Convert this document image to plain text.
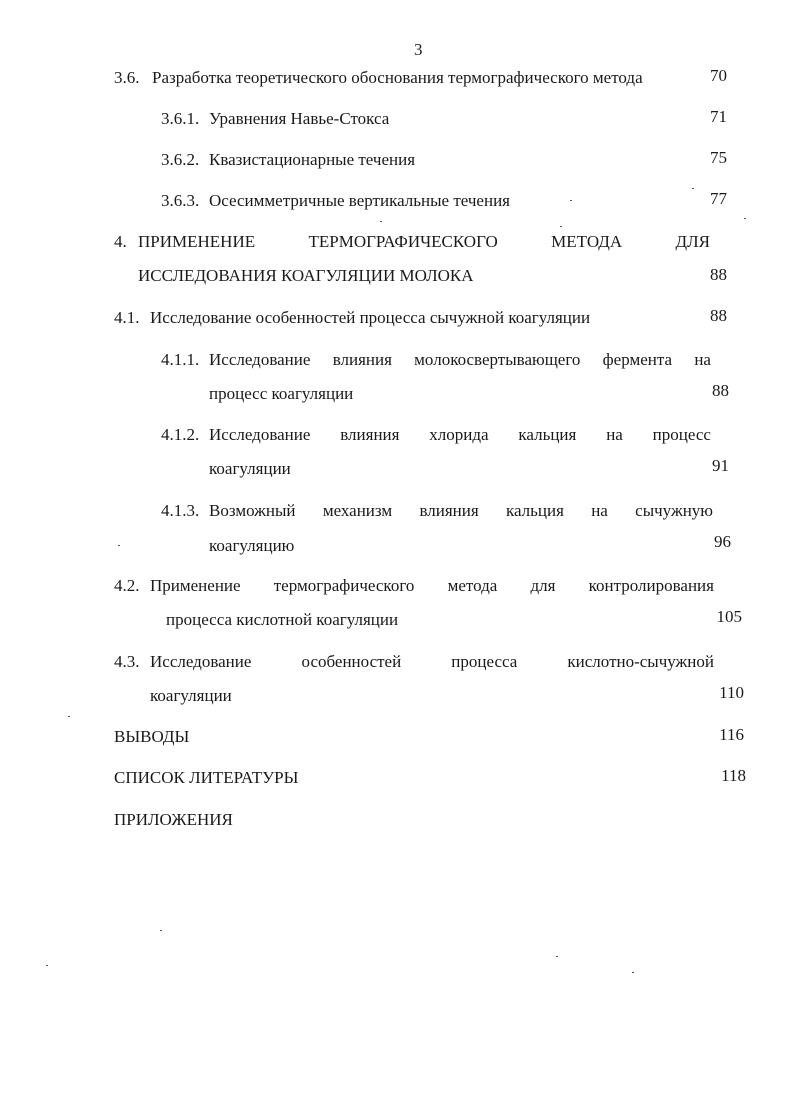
3
3.6. Разработка теоретического обоснования термографического метода	70
3.6.1. Уравнения Навье-Стокса	71
3.6.2. Квазистационарные течения	75
3.6.3. Осесимметричные вертикальные течения	77
4. ПРИМЕНЕНИЕ	ТЕРМОГРАФИЧЕСКОГО	МЕТОДА	ДЛЯ
ИССЛЕДОВАНИЯ КОАГУЛЯЦИИ МОЛОКА	88
4.1. Исследование особенностей процесса сычужной коагуляции	88
4.1.1. Исследование влияния молокосвертывающего фермента на
процесс коагуляции	88
4.1.2. Исследование влияния хлорида кальция на процесс
коагуляции	91
4.1.3. Возможный механизм влияния кальция на сычужную
коагуляцию	96
4.2. Применение термографического метода для контролирования
процесса кислотной коагуляции	105
4.3. Исследование	особенностей	процесса	кислотно-сычужной
коагуляции	110
ВЫВОДЫ	116
СПИСОК ЛИТЕРАТУРЫ	118
ПРИЛОЖЕНИЯ
